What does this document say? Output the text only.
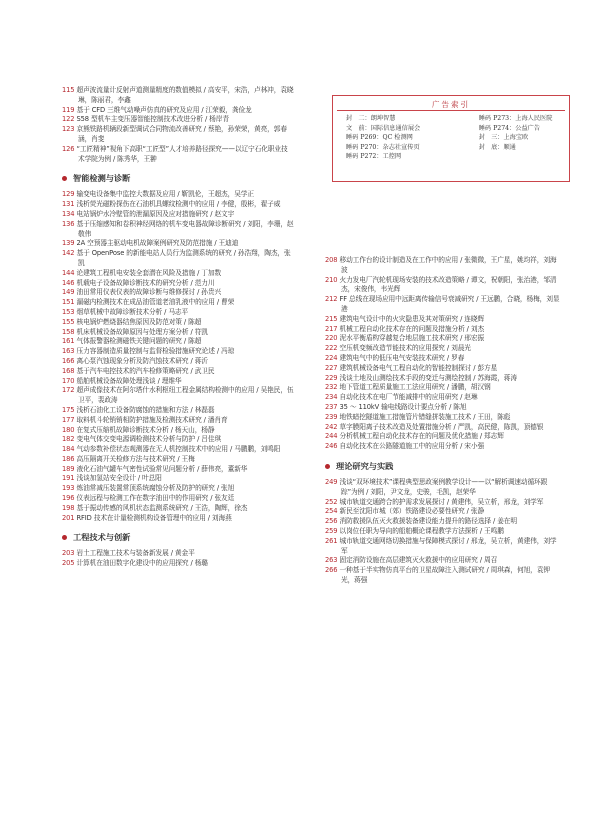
115 超声波流量计反射声道测量精度的数值模拟 / 高安平，宋浩，卢林冲，袁晓琳，陈丽君，李鑫

119 基于 CFD 三维气动噪声仿真的研究及应用 / 江荣毅，龚俭龙

122 S58 型机车主变压器智能控制技术改进分析 / 杨岸青

123 京熊铁路机辆段新型调试合同物流改善研究 / 蔡艳，孙荣荣，黄亮，郭春涵，肖斐

126 “工匠精神”视角下高职“工匠型”人才培养路径探究——以辽宁石化职业技术学院为例 / 陈秀华，王翀

智能检测与诊断

129 输变电设备集中监控大数据及应用 / 靳凯伦，王超杰，吴学正

131 浅析荧光磁粉探伤在石油机具螺纹检测中的应用 / 李健，殷彬，翟子威

134 电站锅炉水冷壁管的泄漏原因及应对措施研究 / 赵文宇

136 基于压缩感知和卷积神经网络的机车变电器故障诊断研究 / 刘阳，李珊，赵敬伟

139 2A 空预器主驱动电机故障案例研究及防范措施 / 王迪迪

142 基于 OpenPose 的新能电站人员行为监测系统的研究 / 孙浩翔，陶杰，张凯

144 论建筑工程机电安装全套潜在风险及措施 / 丁加数

146 机载电子设备故障诊断技术的研究分析 / 范力川

149 油田常用仪表仪表的故障诊断与维修探讨 / 孙贵兴

151 漏磁内检测技术在成品油管道老油乳液中的应用 / 曹荣

153 烟草机械中故障诊断技术分析 / 马志平

155 核电锅炉燃烧器结焦原因及防范对策 / 陈超

158 机床机械设备故障原因与处理方案分析 / 符凯

161 气体报警器检测磁铁关键问题的研究 / 陈超

163 压力容器制造质量控制与监督检验措施研究论述 / 冯琼

166 离心泵汽蚀现象分析及防汽蚀技术研究 / 蒋沂

168 基于汽车电控技术的汽车检修策略研究 / 武卫民

170 船舶机械设备故障处理浅谈 / 理维华

172 超声成像技术在阿尔塔什水利枢纽工程金属结构检测中的应用 / 吴艳民，伍卫平，裴政涛

175 浅析石油化工设备防腐蚀的措施和方法 / 林磊磊

177 取料机斗轮销销相防护措施及检测技术研究 / 潘肖育

180 在复式压缩机故障诊断技术分析 / 杨天山，杨静

182 变电气体交变电源调检测技术分析与防护 / 吕佳琪

184 气动参数补偿状态观测器在无人机控制技术中的应用 / 马鹏鹏，刘鸣阳

186 高压隔离开关检修方法与技术研究 / 王梅

189 液化石油气罐车气密性试验常见问题分析 / 薛伟亮，董新华

191 浅谈加氢站安全设计 / 叶总阳

193 炼油常减压装置常顶系统腐蚀分析及防护的研究 / 张旭

196 仪表远程与检测工作在数字油田中的作用研究 / 张友廷

198 基于振动传感的风机状态监测系统研究 / 王浩，陶辉，徐杰

201 RFID 技术在计量检测机构设备管理中的应用 / 刘海燕

工程技术与创新

203 岩土工程施工技术与装备新发展 / 黄金平

205 计算机在油田数字化建设中的应用探究 / 杨璐

208 移动工作台的设计制造及在工作中的应用 / 张微微，王广星，姚均祥，刘海波

210 火力发电厂汽轮机现场安装的技术改造策略 / 谭文，祝朝阳，张治港，邹清杰，宋俊伟，韦光辉

212 FF 总线在现场应用中远距离传输信号衰减研究 / 王远鹏，合晓，杨梅，刘显港

215 建筑电气设计中的火灾隐患及其对策研究 / 连晓辉

217 机械工程自动化技术存在的问题及措施分析 / 刘杰

220 泥水平衡盾构穿越复合地层施工技术研究 / 邢宏振

222 空压机变频改造节能技术的应用探究 / 刘晨光

224 建筑电气中的低压电气安装技术研究 / 罗春

227 建筑机械设备电气工程自动化的智能控制探讨 / 彭方星

229 浅谈土地及山测绘技术手段的变迁与测绘控制 / 苏海霞，蒋涛

232 地下管道工程质量施工工法应用研究 / 潘鹏，胡汉钢

234 自动化技术在电厂节能减排中的应用研究 / 赵琳

237 35 ～ 110kV 输电线路设计要点分析 / 陈旭

239 地铁暗挖隧道施工措施管片错缝拼装施工技术 / 王田，陈彪

242 草字膜阳离子技术改造及处置措施分析 / 严凯，高民健，陈凯，顶德银

244 分析机械工程自动化技术存在的问题及优化措施 / 郑志辉

246 自动化技术在公路隧道施工中的应用分析 / 宋小强

理论研究与实践

249 浅谈“双环境技术”课程典型思政案例教学设计——以“解析调速动循环跟踪”为例 / 刘阳，尹文龙，史骏，毛凯，赵荣华

252 城市轨道交通跨合的护需求发展探讨 / 黄建伟，吴立析，邢龙，刘学军

254 新民至沈阳市城（郊）铁路建设必要性研究 / 张静

256 消防救援队伍灭火救援装备建设能力提升的路径选择 / 姜在明

259 以岗位任职为导向的船舶概论课程教学方法探析 / 王鸣鹏

261 城市轨道交通网络切换措施与保障模式探讨 / 邢龙，吴立析，黄建伟，刘学军

263 固定消防设施在高层建筑灭火救援中的应用研究 / 周召

266 一种基于半实物仿真平台的卫星故障注入测试研究 / 周琪森，何旭，袁钾光，蒋强

广告索引
封　二：朗坤智慧	　　　　睡码 P273：上海人民医院
文　前：国际信息通信展会	　　　　睡码 P274：公益广告
睡码 P269：QC 检测网	　　　　封　三：上海宝欧
睡码 P270：杂志社宣传页	　　　　封　底：顺通
睡码 P272：工控网
